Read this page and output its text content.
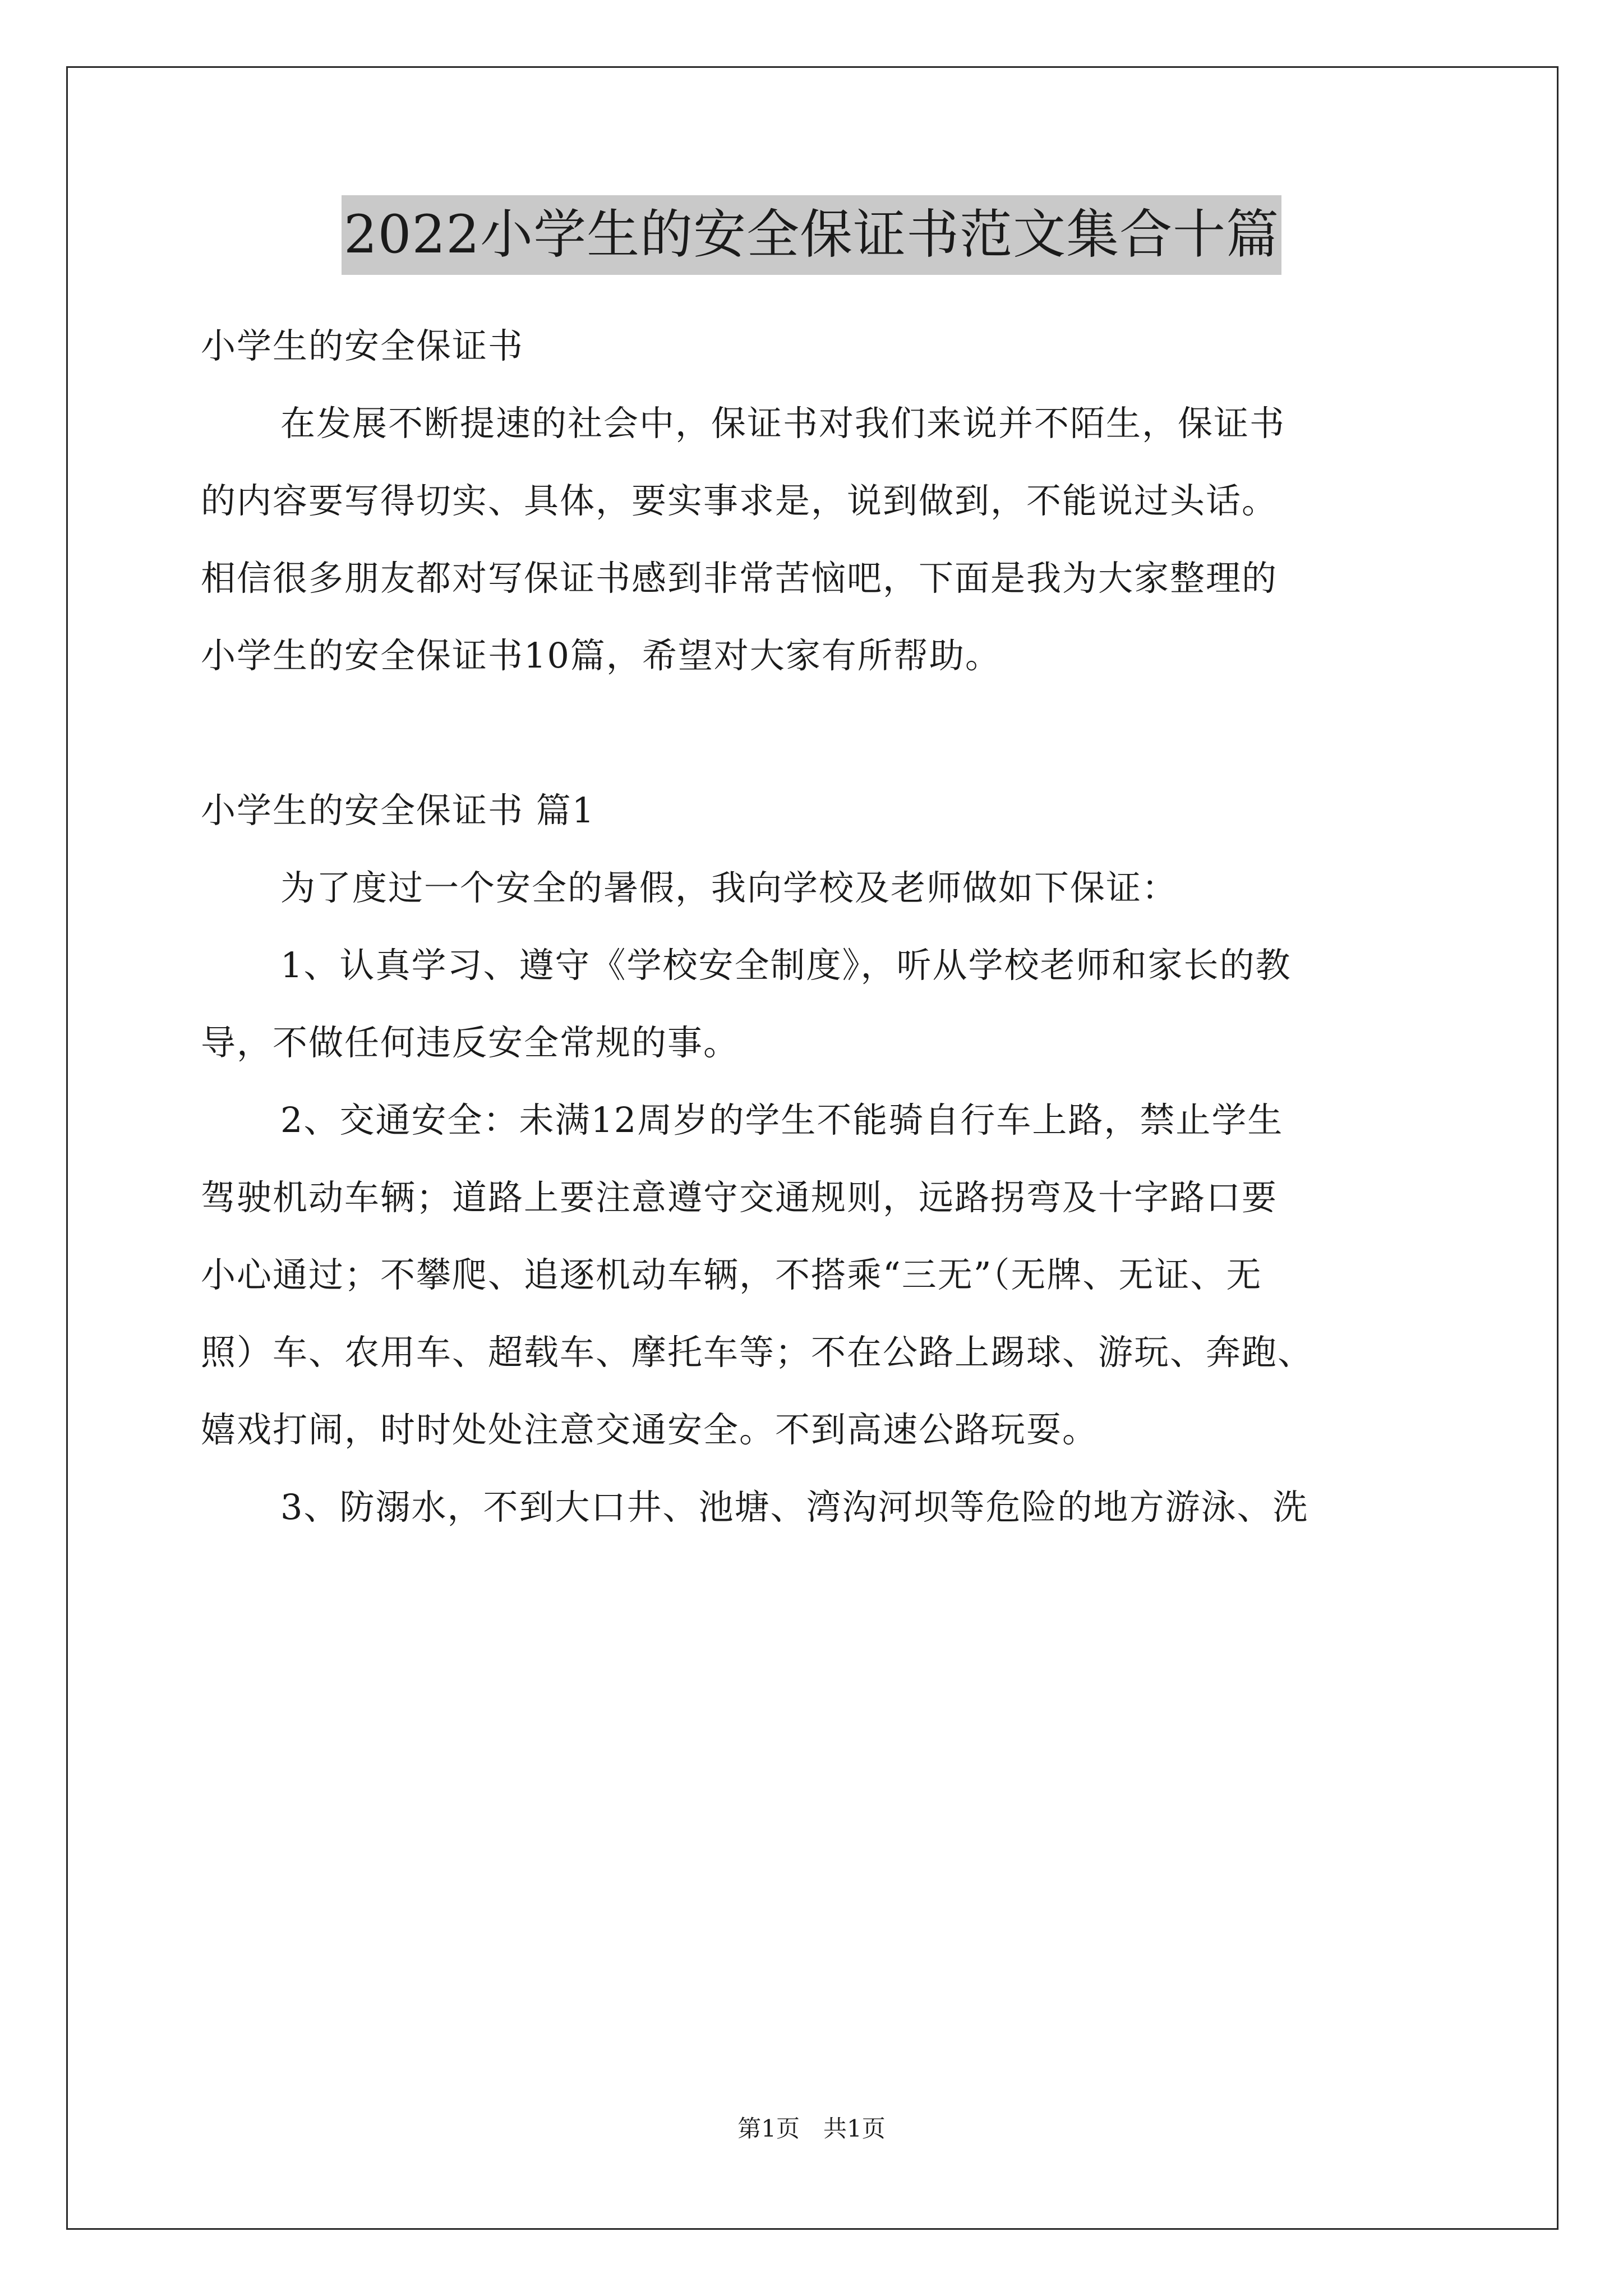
2022小学生的安全保证书范文集合十篇
小学生的安全保证书
在发展不断提速的社会中，保证书对我们来说并不陌生，保证书
的内容要写得切实、具体，要实事求是，说到做到，不能说过头话。
相信很多朋友都对写保证书感到非常苦恼吧，下面是我为大家整理的
小学生的安全保证书10篇，希望对大家有所帮助。
小学生的安全保证书 篇1
为了度过一个安全的暑假，我向学校及老师做如下保证：
1、认真学习、遵守《学校安全制度》，听从学校老师和家长的教
导，不做任何违反安全常规的事。
2、交通安全：未满12周岁的学生不能骑自行车上路，禁止学生
驾驶机动车辆；道路上要注意遵守交通规则，远路拐弯及十字路口要
小心通过；不攀爬、追逐机动车辆，不搭乘“三无”（无牌、无证、无
照）车、农用车、超载车、摩托车等；不在公路上踢球、游玩、奔跑、
嬉戏打闹，时时处处注意交通安全。不到高速公路玩耍。
3、防溺水，不到大口井、池塘、湾沟河坝等危险的地方游泳、洗
第1页　共1页
